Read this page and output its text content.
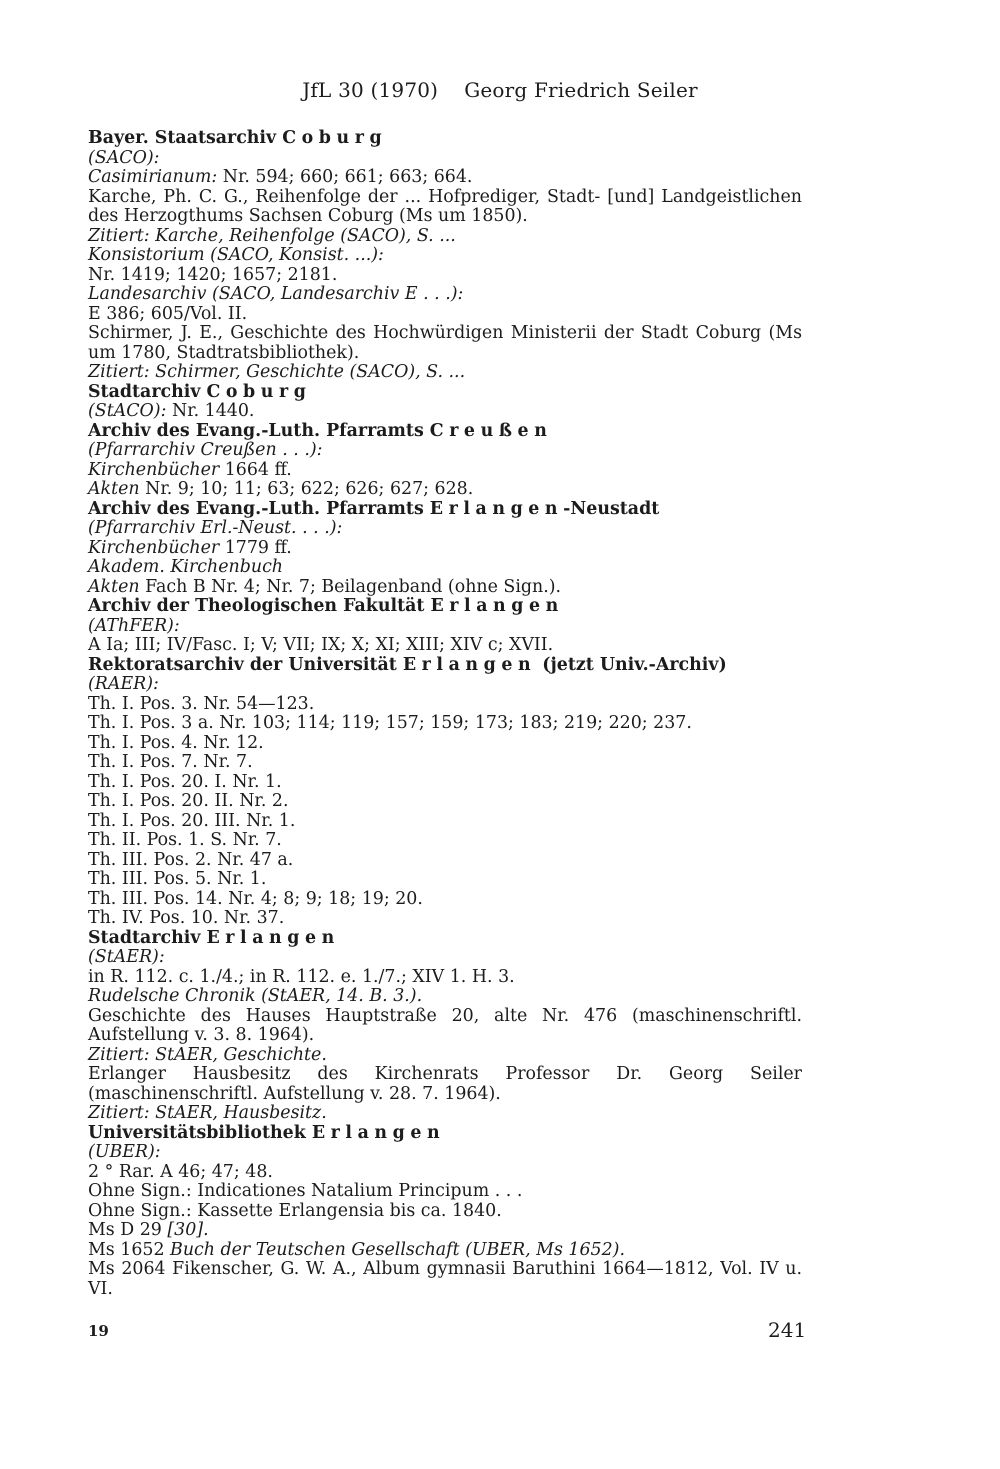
JfL 30 (1970) Georg Friedrich Seiler
Bayer. Staatsarchiv Coburg
(SACO):
Casimirianum: Nr. 594; 660; 661; 663; 664.
Karche, Ph. C. G., Reihenfolge der ... Hofprediger, Stadt- [und] Landgeistlichen des Herzogthums Sachsen Coburg (Ms um 1850).
Zitiert: Karche, Reihenfolge (SACO), S. ...
Konsistorium (SACO, Konsist. ...):
Nr. 1419; 1420; 1657; 2181.
Landesarchiv (SACO, Landesarchiv E . . .):
E 386; 605/Vol. II.
Schirmer, J. E., Geschichte des Hochwürdigen Ministerii der Stadt Coburg (Ms um 1780, Stadtratsbibliothek).
Zitiert: Schirmer, Geschichte (SACO), S. ...
Stadtarchiv Coburg
(StACO): Nr. 1440.
Archiv des Evang.-Luth. Pfarramts Creußen
(Pfarrarchiv Creußen . . .):
Kirchenbücher 1664 ff.
Akten Nr. 9; 10; 11; 63; 622; 626; 627; 628.
Archiv des Evang.-Luth. Pfarramts Erlangen-Neustadt
(Pfarrarchiv Erl.-Neust. . . .):
Kirchenbücher 1779 ff.
Akadem. Kirchenbuch
Akten Fach B Nr. 4; Nr. 7; Beilagenband (ohne Sign.).
Archiv der Theologischen Fakultät Erlangen
(AThFER):
A Ia; III; IV/Fasc. I; V; VII; IX; X; XI; XIII; XIV c; XVII.
Rektoratsarchiv der Universität Erlangen (jetzt Univ.-Archiv)
(RAER):
Th. I. Pos. 3. Nr. 54—123.
Th. I. Pos. 3 a. Nr. 103; 114; 119; 157; 159; 173; 183; 219; 220; 237.
Th. I. Pos. 4. Nr. 12.
Th. I. Pos. 7. Nr. 7.
Th. I. Pos. 20. I. Nr. 1.
Th. I. Pos. 20. II. Nr. 2.
Th. I. Pos. 20. III. Nr. 1.
Th. II. Pos. 1. S. Nr. 7.
Th. III. Pos. 2. Nr. 47 a.
Th. III. Pos. 5. Nr. 1.
Th. III. Pos. 14. Nr. 4; 8; 9; 18; 19; 20.
Th. IV. Pos. 10. Nr. 37.
Stadtarchiv Erlangen
(StAER):
in R. 112. c. 1./4.; in R. 112. e. 1./7.; XIV 1. H. 3.
Rudelsche Chronik (StAER, 14. B. 3.).
Geschichte des Hauses Hauptstraße 20, alte Nr. 476 (maschinenschriftl. Aufstellung v. 3. 8. 1964).
Zitiert: StAER, Geschichte.
Erlanger Hausbesitz des Kirchenrats Professor Dr. Georg Seiler (maschinenschriftl. Aufstellung v. 28. 7. 1964).
Zitiert: StAER, Hausbesitz.
Universitätsbibliothek Erlangen
(UBER):
2 ° Rar. A 46; 47; 48.
Ohne Sign.: Indicationes Natalium Principum . . .
Ohne Sign.: Kassette Erlangensia bis ca. 1840.
Ms D 29 [30].
Ms 1652 Buch der Teutschen Gesellschaft (UBER, Ms 1652).
Ms 2064 Fikenscher, G. W. A., Album gymnasii Baruthini 1664—1812, Vol. IV u. VI.
19	241
